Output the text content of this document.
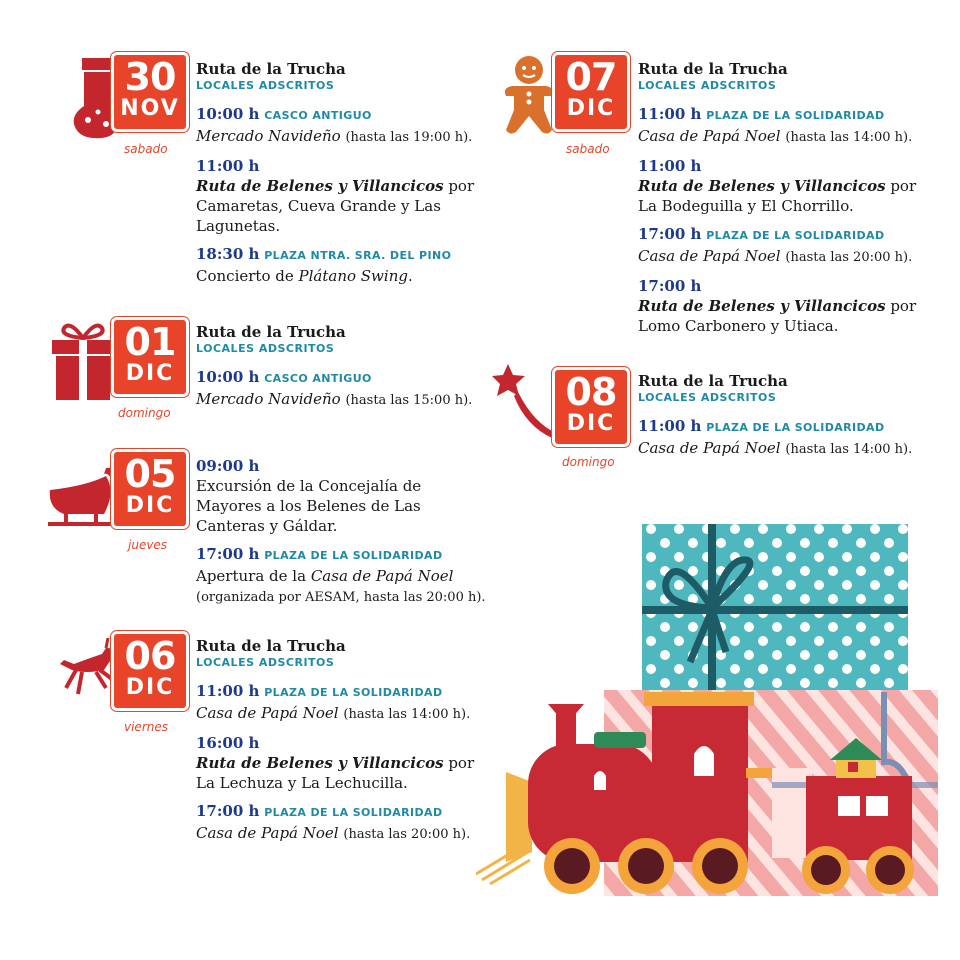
30
NOV
sabado
Ruta de la Trucha
LOCALES ADSCRITOS
10:00 h CASCO ANTIGUO
Mercado Navideño (hasta las 19:00 h).
11:00 h
Ruta de Belenes y Villancicos por Camaretas, Cueva Grande y Las Lagunetas.
18:30 h PLAZA NTRA. SRA. DEL PINO
Concierto de Plátano Swing.
01
DIC
domingo
Ruta de la Trucha
LOCALES ADSCRITOS
10:00 h CASCO ANTIGUO
Mercado Navideño (hasta las 15:00 h).
05
DIC
jueves
09:00 h
Excursión de la Concejalía de Mayores a los Belenes de Las Canteras y Gáldar.
17:00 h PLAZA DE LA SOLIDARIDAD
Apertura de la Casa de Papá Noel
(organizada por AESAM, hasta las 20:00 h).
06
DIC
viernes
Ruta de la Trucha
LOCALES ADSCRITOS
11:00 h PLAZA DE LA SOLIDARIDAD
Casa de Papá Noel (hasta las 14:00 h).
16:00 h
Ruta de Belenes y Villancicos por La Lechuza y La Lechucilla.
17:00 h PLAZA DE LA SOLIDARIDAD
Casa de Papá Noel (hasta las 20:00 h).
07
DIC
sabado
Ruta de la Trucha
LOCALES ADSCRITOS
11:00 h PLAZA DE LA SOLIDARIDAD
Casa de Papá Noel (hasta las 14:00 h).
11:00 h
Ruta de Belenes y Villancicos por La Bodeguilla y El Chorrillo.
17:00 h PLAZA DE LA SOLIDARIDAD
Casa de Papá Noel (hasta las 20:00 h).
17:00 h
Ruta de Belenes y Villancicos por Lomo Carbonero y Utiaca.
08
DIC
domingo
Ruta de la Trucha
LOCALES ADSCRITOS
11:00 h PLAZA DE LA SOLIDARIDAD
Casa de Papá Noel (hasta las 14:00 h).
